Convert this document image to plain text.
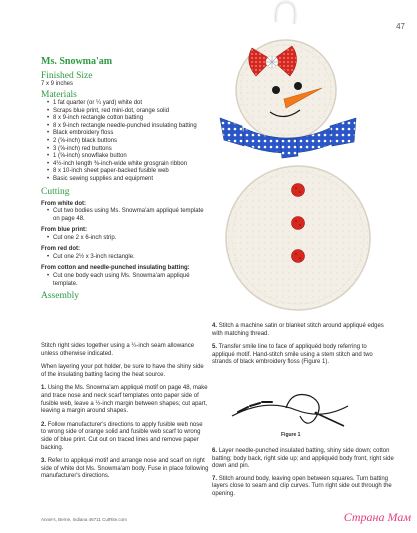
47
Ms. Snowma'am
Finished Size
7 x 9 inches
Materials
• 1 fat quarter (or ¼ yard) white dot
• Scraps blue print, red mini-dot, orange solid
• 8 x 9-inch rectangle cotton batting
• 8 x 9-inch rectangle needle-punched insulating batting
• Black embroidery floss
• 2 (⅝-inch) black buttons
• 3 (⅝-inch) red buttons
• 1 (⅝-inch) snowflake button
• 4½-inch length ⅜-inch-wide white grosgrain ribbon
• 8 x 10-inch sheet paper-backed fusible web
• Basic sewing supplies and equipment
Cutting
From white dot:
• Cut two bodies using Ms. Snowma'am appliqué template on page 48.
From blue print:
• Cut one 2 x 6-inch strip.
From red dot:
• Cut one 2½ x 3-inch rectangle.
From cotton and needle-punched insulating batting:
• Cut one body each using Ms. Snowma'am appliqué template.
Assembly

Stitch right sides together using a ¼-inch seam allowance unless otherwise indicated.

When layering your pot holder, be sure to have the shiny side of the insulating batting facing the heat source.

1. Using the Ms. Snowma'am appliqué motif on page 48, make and trace nose and neck scarf templates onto paper side of fusible web, leave a ½-inch margin between shapes; cut apart, leaving a margin around shapes.

2. Follow manufacturer's directions to apply fusible web nose to wrong side of orange solid and fusible web scarf to wrong side of blue print. Cut out on traced lines and remove paper backing.

3. Refer to appliqué motif and arrange nose and scarf on right side of white dot Ms. Snowma'am body. Fuse in place following manufacturer's directions.

4. Stitch a machine satin or blanket stitch around appliqué edges with matching thread.

5. Transfer smile line to face of appliquéd body referring to appliqué motif. Hand-stitch smile using a stem stitch and two strands of black embroidery floss (Figure 1).

Figure 1

6. Layer needle-punched insulated batting, shiny side down; cotton batting; body back, right side up; and appliquéd body front, right side down and pin.

7. Stitch around body, leaving open between squares. Turn batting layers close to seam and clip curves. Turn right side out through the opening.

Annie's, Berne, Indiana 46711 CutRite.com	Страна Мам
